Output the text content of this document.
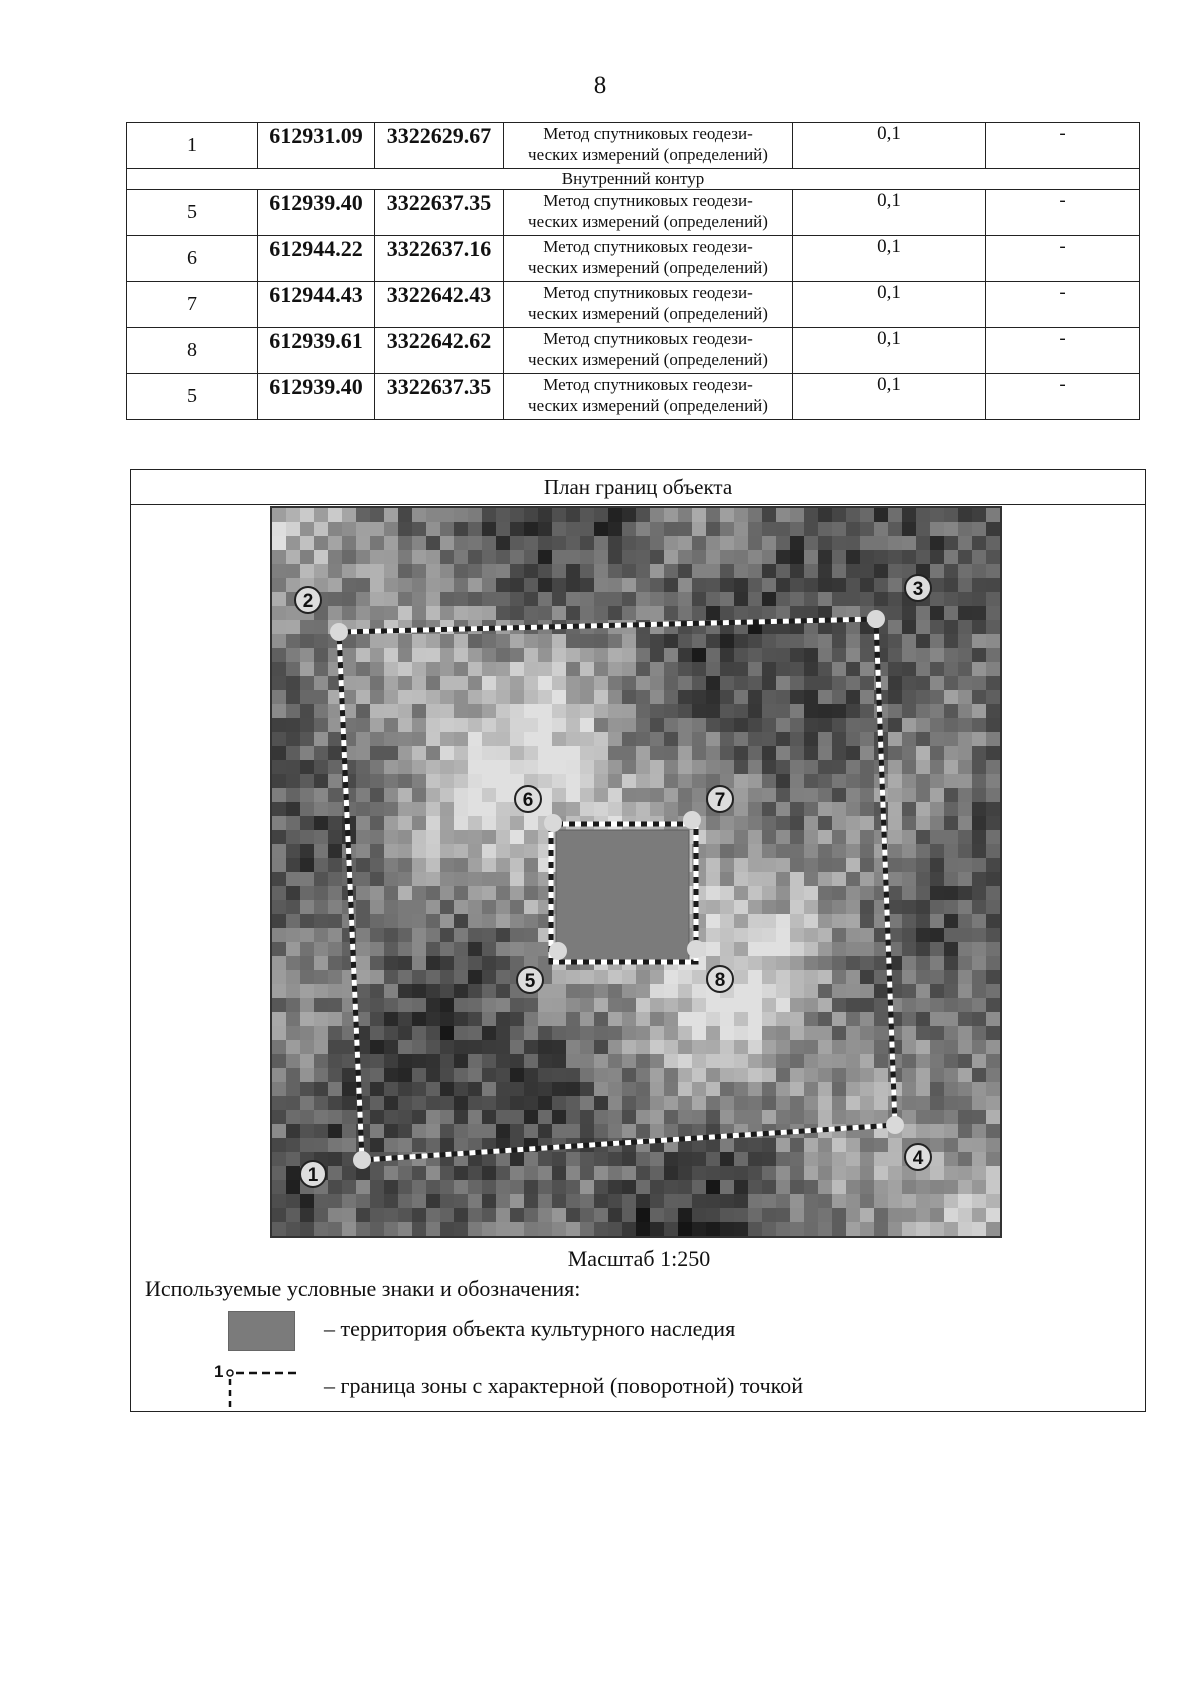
8
1	612931.09	3322629.67	Метод спутниковых геодези-
ческих измерений (определений)	0,1	-
Внутренний контур					
5	612939.40	3322637.35	Метод спутниковых геодези-
ческих измерений (определений)	0,1	-
6	612944.22	3322637.16	Метод спутниковых геодези-
ческих измерений (определений)	0,1	-
7	612944.43	3322642.43	Метод спутниковых геодези-
ческих измерений (определений)	0,1	-
8	612939.61	3322642.62	Метод спутниковых геодези-
ческих измерений (определений)	0,1	-
5	612939.40	3322637.35	Метод спутниковых геодези-
ческих измерений (определений)	0,1	-
План границ объекта
1
2
3
4
5
6	7
8
Масштаб 1:250
Используемые условные знаки и обозначения:
– территория объекта культурного наследия
1
– граница зоны с характерной (поворотной) точкой
